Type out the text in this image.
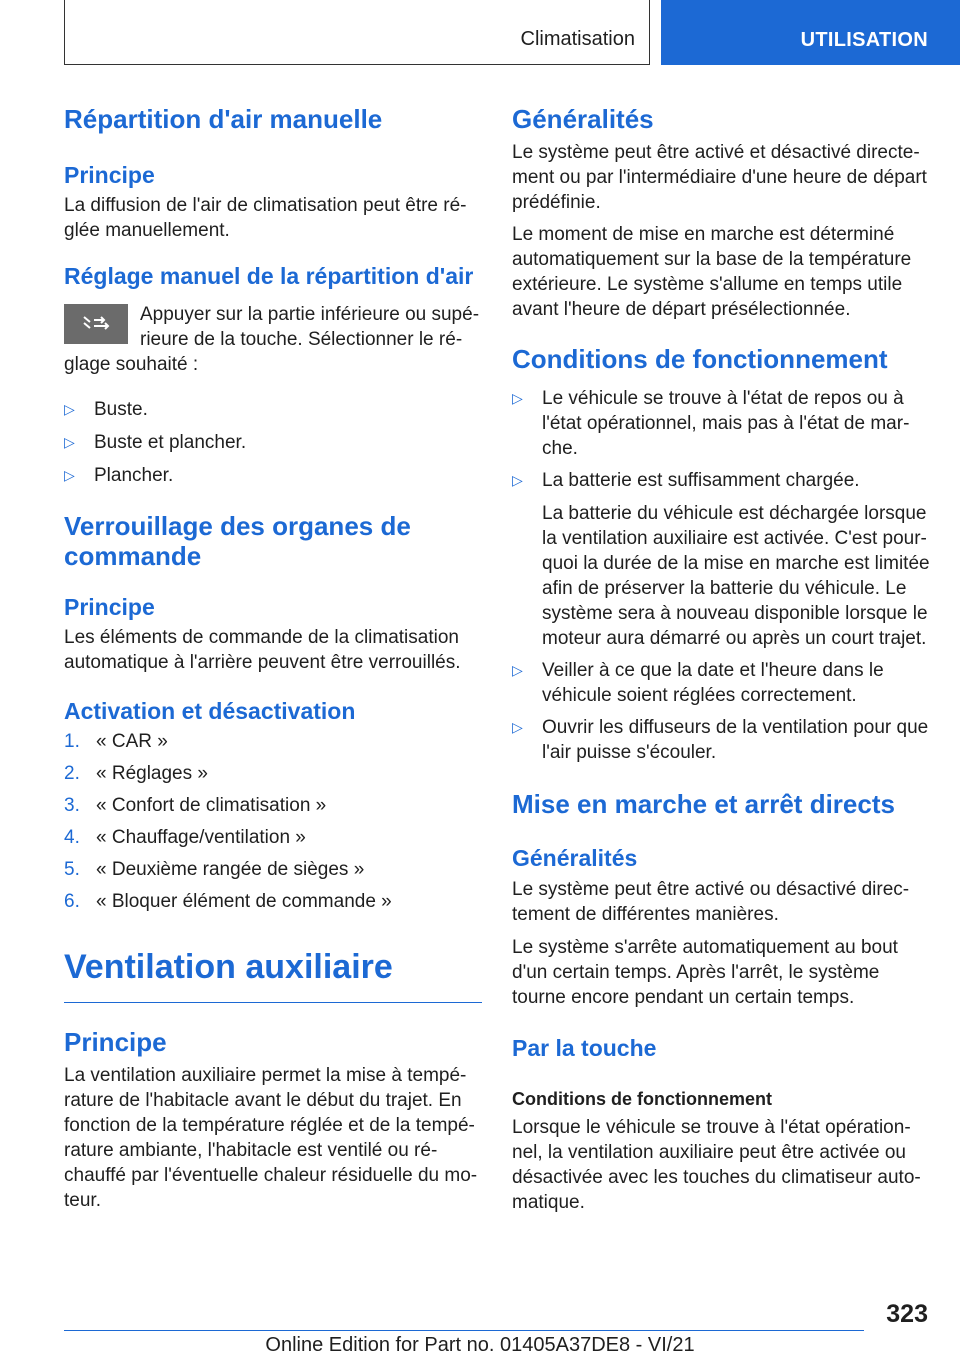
Climatisation	UTILISATION
Répartition d'air manuelle
Principe

La diffusion de l'air de climatisation peut être réglée manuellement.

Réglage manuel de la répartition d'air

Appuyer sur la partie inférieure ou supérieure de la touche. Sélectionner le réglage souhaité :

▷ Buste.
▷ Buste et plancher.
▷ Plancher.
Verrouillage des organes de commande
Principe

Les éléments de commande de la climatisation automatique à l'arrière peuvent être verrouillés.

Activation et désactivation
1. « CAR »
2. « Réglages »
3. « Confort de climatisation »
4. « Chauffage/ventilation »
5. « Deuxième rangée de sièges »
6. « Bloquer élément de commande »
Ventilation auxiliaire
Principe

La ventilation auxiliaire permet la mise à température de l'habitacle avant le début du trajet. En fonction de la température réglée et de la température ambiante, l'habitacle est ventilé ou réchauffé par l'éventuelle chaleur résiduelle du moteur.

Généralités

Le système peut être activé et désactivé directement ou par l'intermédiaire d'une heure de départ prédéfinie.

Le moment de mise en marche est déterminé automatiquement sur la base de la température extérieure. Le système s'allume en temps utile avant l'heure de départ présélectionnée.

Conditions de fonctionnement
▷ Le véhicule se trouve à l'état de repos ou à l'état opérationnel, mais pas à l'état de marche.
▷ La batterie est suffisamment chargée.

La batterie du véhicule est déchargée lorsque la ventilation auxiliaire est activée. C'est pourquoi la durée de la mise en marche est limitée afin de préserver la batterie du véhicule. Le système sera à nouveau disponible lorsque le moteur aura démarré ou après un court trajet.

▷ Veiller à ce que la date et l'heure dans le véhicule soient réglées correctement.
▷ Ouvrir les diffuseurs de la ventilation pour que l'air puisse s'écouler.
Mise en marche et arrêt directs
Généralités

Le système peut être activé ou désactivé directement de différentes manières.

Le système s'arrête automatiquement au bout d'un certain temps. Après l'arrêt, le système tourne encore pendant un certain temps.

Par la touche
Conditions de fonctionnement

Lorsque le véhicule se trouve à l'état opérationnel, la ventilation auxiliaire peut être activée ou désactivée avec les touches du climatiseur automatique.

323
Online Edition for Part no. 01405A37DE8 - VI/21
